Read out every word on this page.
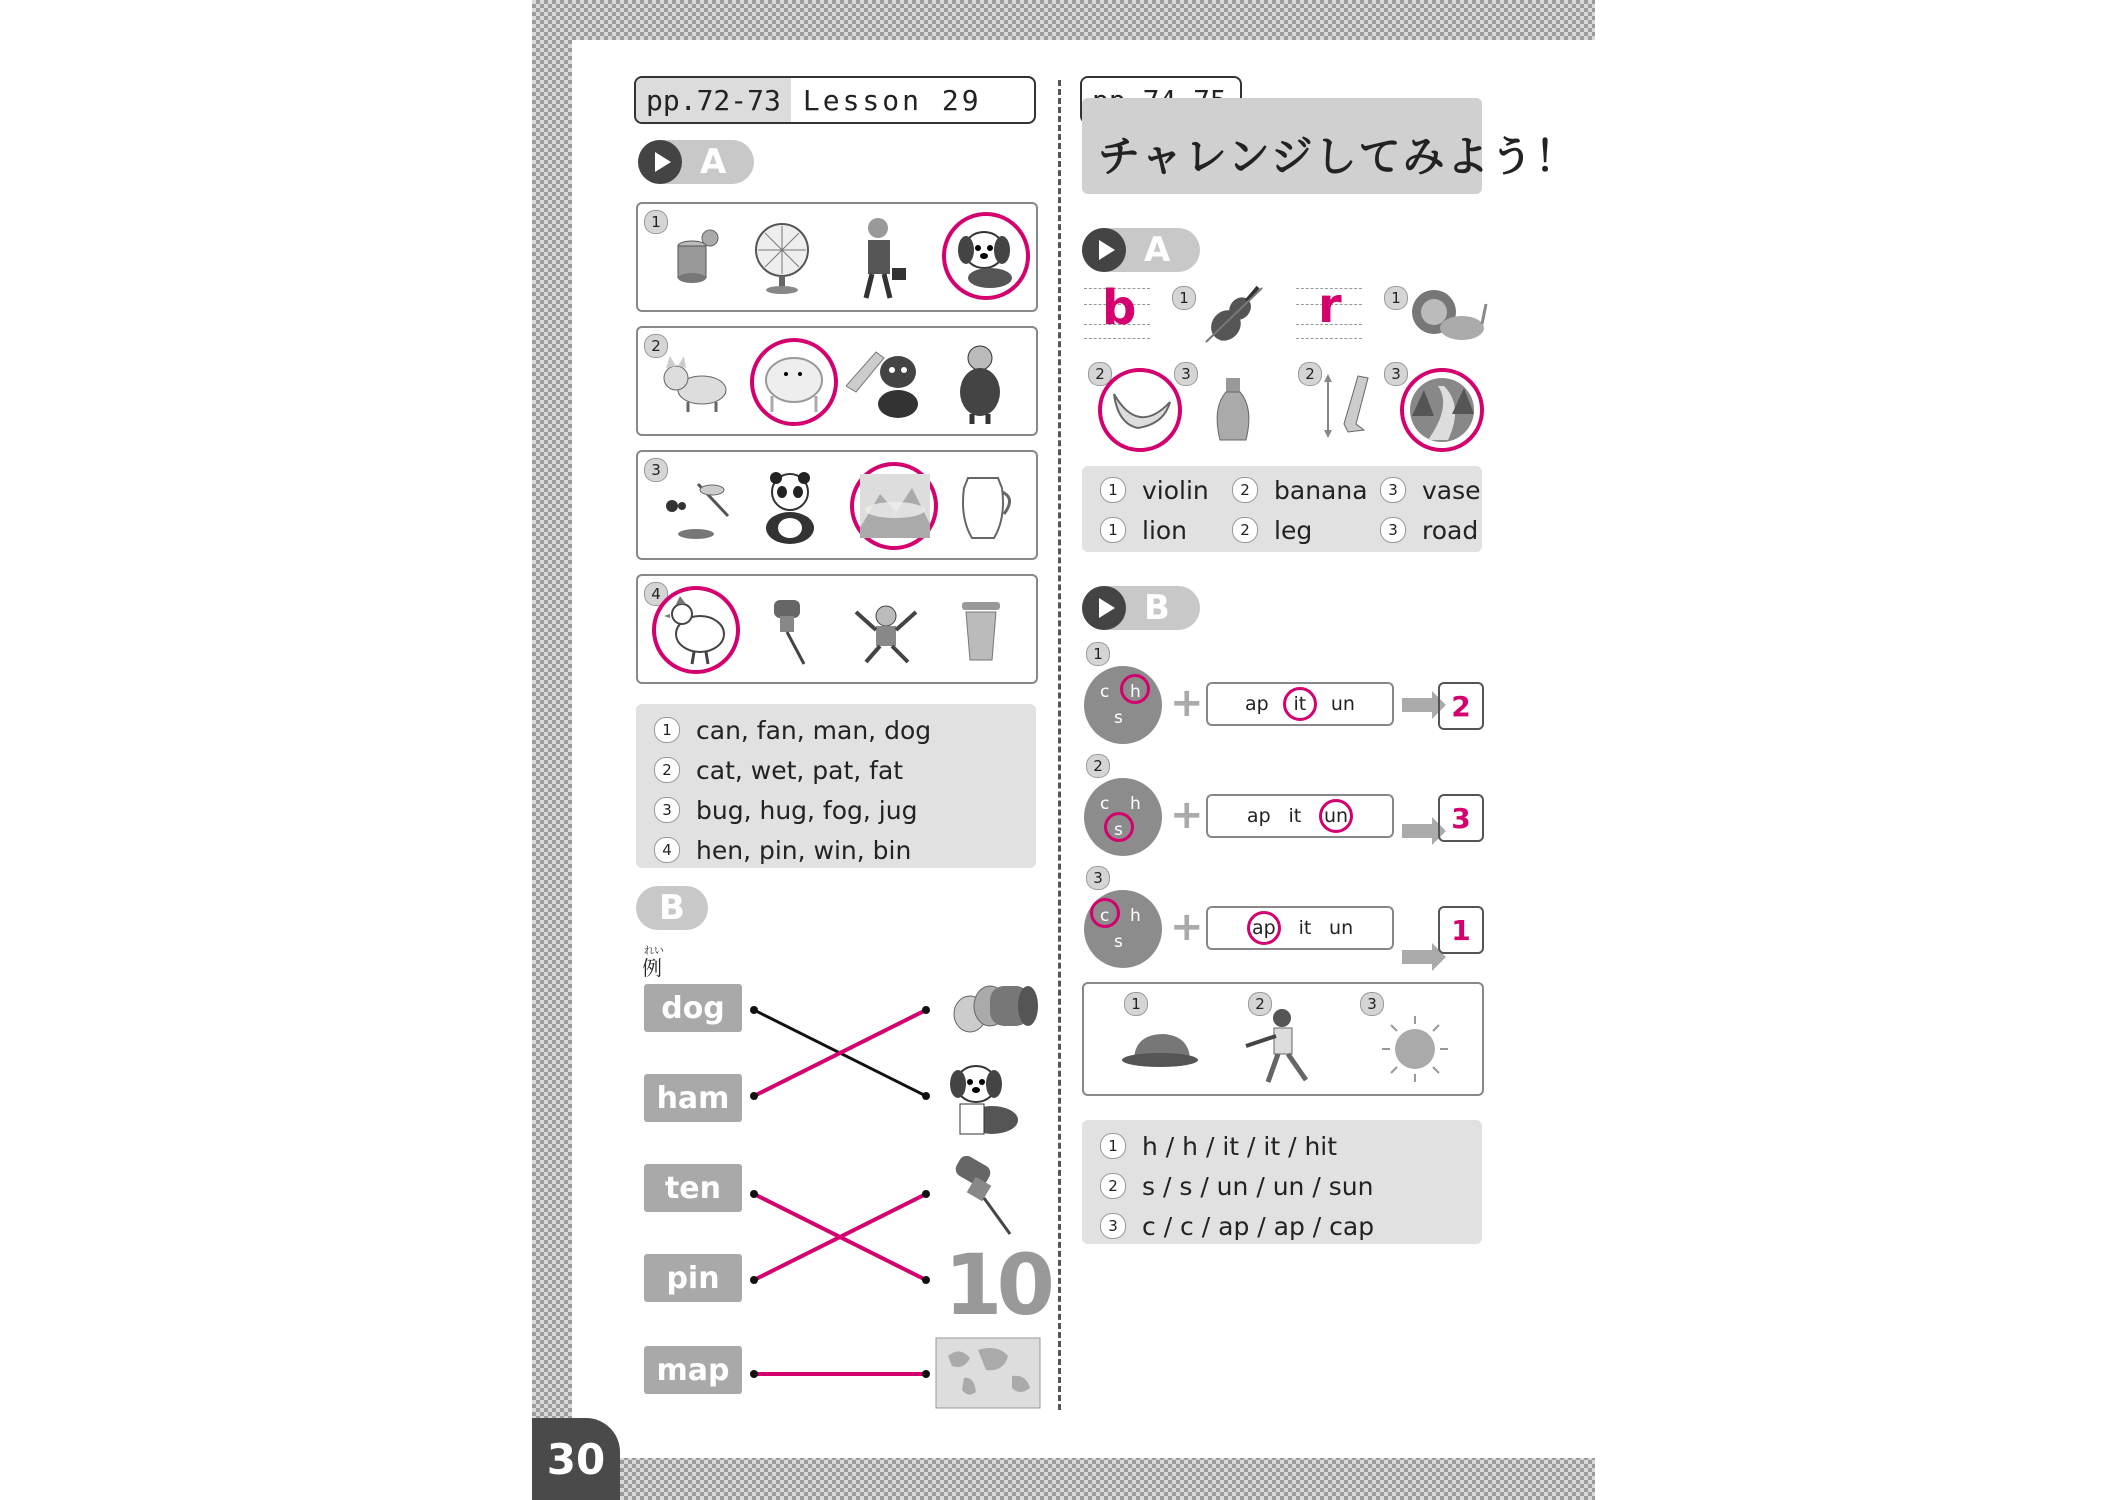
30
pp.72-73 Lesson 29
A
1
2
3
4
1 can, fan, man, dog
2 cat, wet, pat, fat
3 bug, hug, fog, jug
4 hen, pin, win, bin
B
れい
例
dog
ham
ten
pin
map
10
チャレンジしてみよう！
A
b	1
2	3
r	1
2	3
1 violin	2 banana	3 vase
1 lion	2 leg	3 road
B
1
c h
s + ap it un	2
2
c h
s + ap it un	3
3
c h
s +	ap it un	1
1	2	3
1 h / h / it / it / hit
2 s / s / un / un / sun
3 c / c / ap / ap / cap
